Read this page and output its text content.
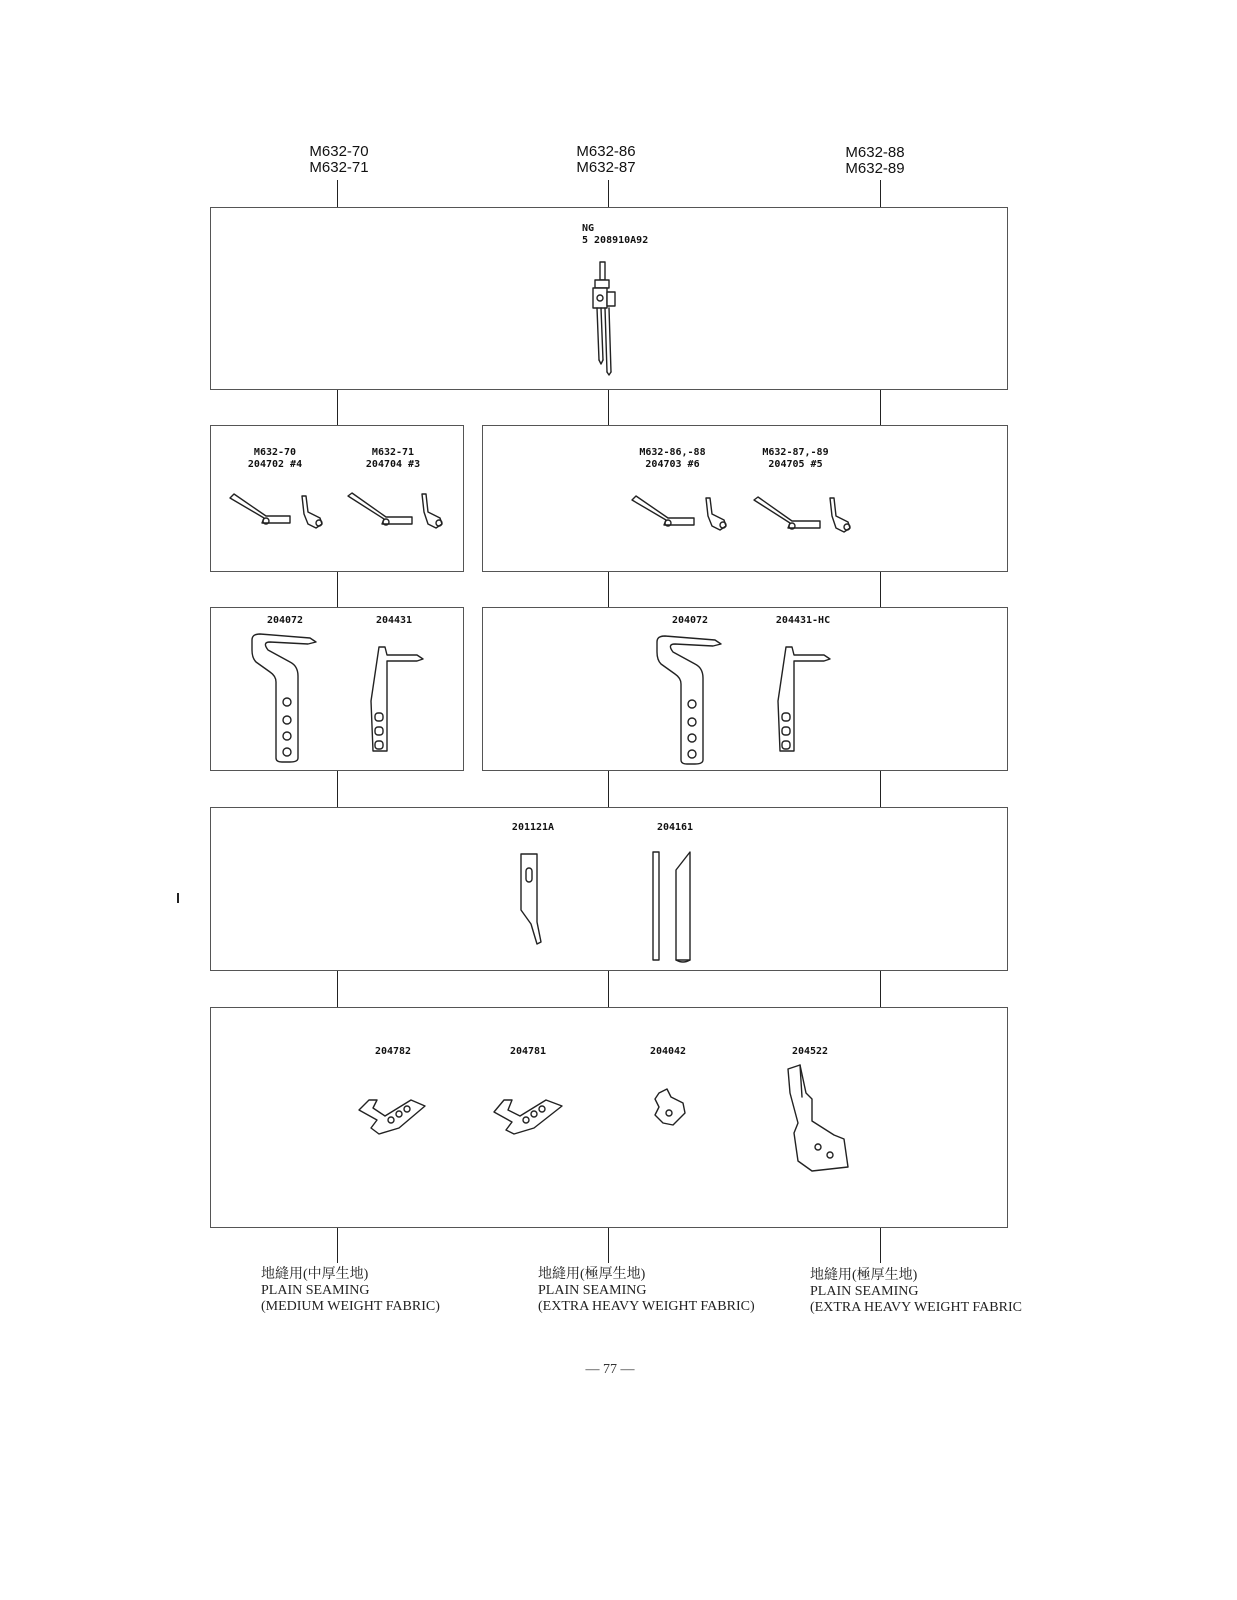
M632-70
M632-71
M632-86
M632-87
M632-88
M632-89
NG
5 208910A92
M632-70
204702 #4
M632-71
204704 #3
M632-86,-88
204703 #6
M632-87,-89
204705 #5
204072	204431	204072	204431-HC
201121A	204161
204782	204781	204042	204522
地縫用(中厚生地)
PLAIN SEAMING
(MEDIUM WEIGHT FABRIC)
地縫用(極厚生地)
PLAIN SEAMING
(EXTRA HEAVY WEIGHT FABRIC)
地縫用(極厚生地)
PLAIN SEAMING
(EXTRA HEAVY WEIGHT FABRIC
— 77 —
